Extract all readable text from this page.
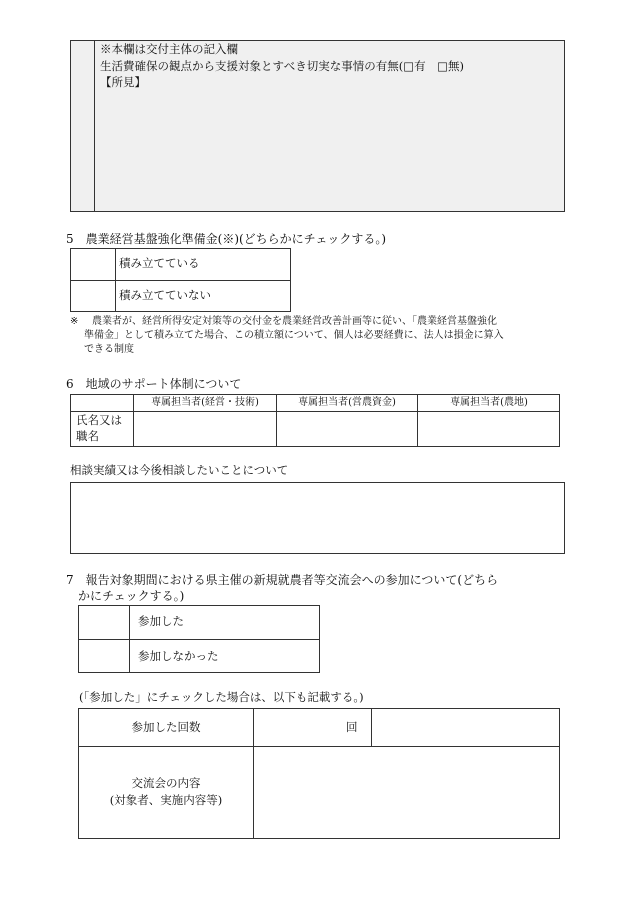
※本欄は交付主体の記入欄
生活費確保の観点から支援対象とすべき切実な事情の有無(□有　 □無)
【所見】
5　農業経営基盤強化準備金(※)(どちらかにチェックする。)
積み立てている
積み立てていない
※ 農業者が、経営所得安定対策等の交付金を農業経営改善計画等に従い、「農業経営基盤強化
準備金」として積み立てた場合、この積立額について、個人は必要経費に、法人は損金に算入
できる制度
6　地域のサポート体制について
専属担当者(経営・技術)	専属担当者(営農資金)	専属担当者(農地)
氏名又は
職名
相談実績又は今後相談したいことについて
7　報告対象期間における県主催の新規就農者等交流会への参加について(どちら
かにチェックする。)
参加した
参加しなかった
(「参加した」にチェックした場合は、以下も記載する。)
参加した回数	回
交流会の内容
(対象者、実施内容等)
